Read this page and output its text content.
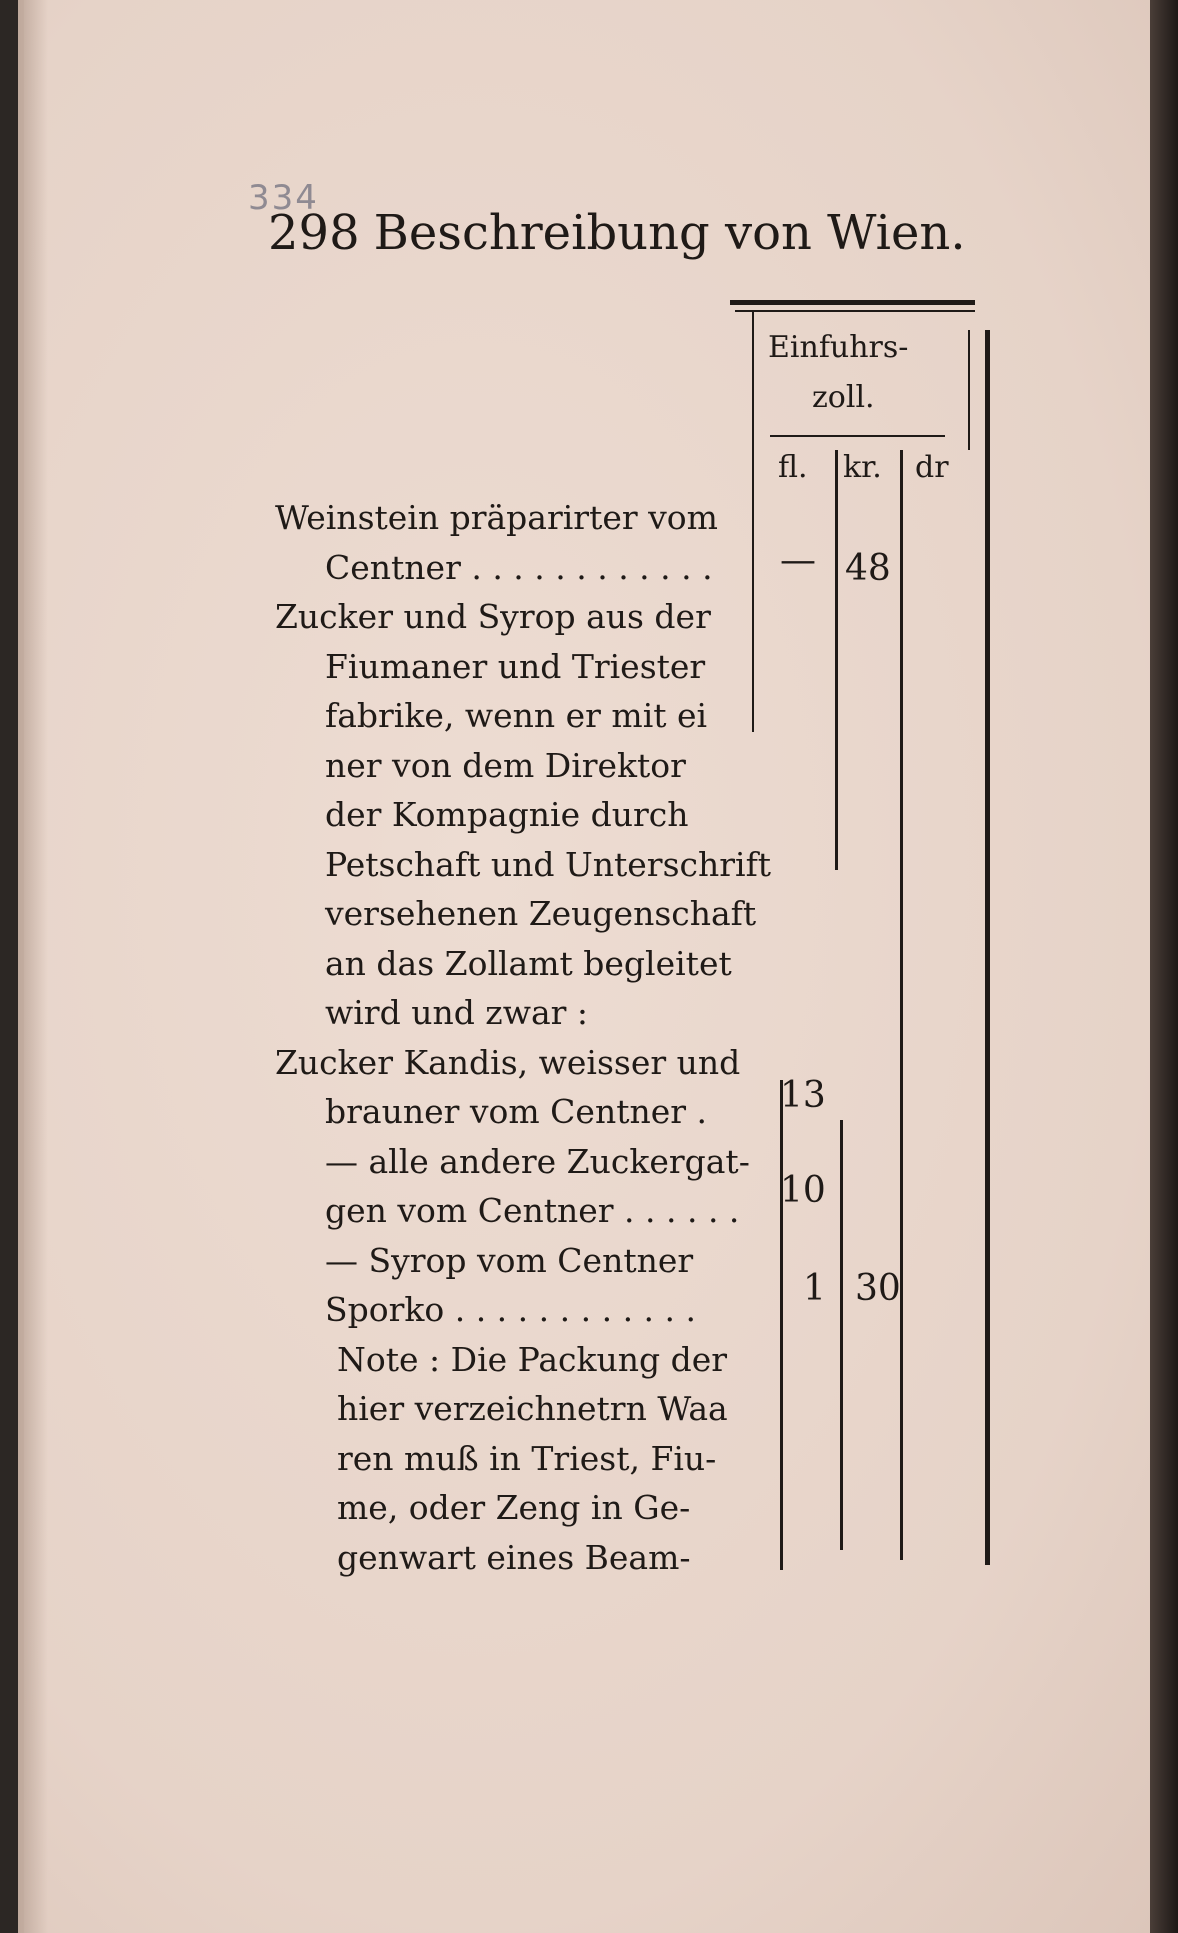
334
298 Beschreibung von Wien.
Einfuhrs-
zoll.
fl. kr. dr
Weinstein präparirter vom
Centner . . . . . . . . . . . .
Zucker und Syrop aus der
Fiumaner und Triester
fabrike, wenn er mit ei
ner von dem Direktor
der Kompagnie durch
Petschaft und Unterschrift
versehenen Zeugenschaft
an das Zollamt begleitet
wird und zwar :
Zucker Kandis, weisser und
brauner vom Centner .
— alle andere Zuckergat-
gen vom Centner . . . . . .
— Syrop vom Centner
Sporko . . . . . . . . . . . .
Note : Die Packung der
hier verzeichnetrn Waa
ren muß in Triest, Fiu-
me, oder Zeng in Ge-
genwart eines Beam-
— 48
13
10
1 30
